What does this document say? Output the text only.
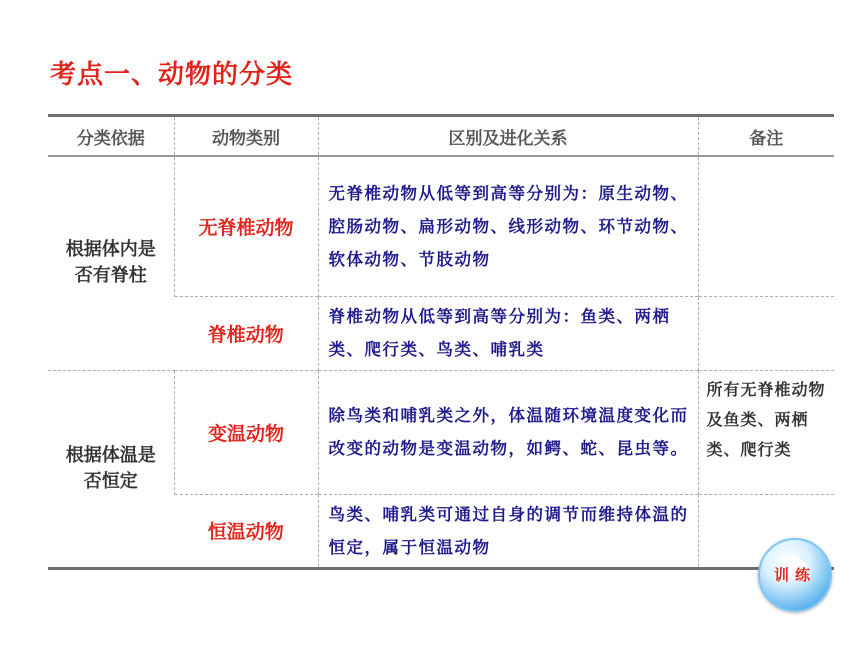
考点一、动物的分类
分类依据	动物类别	区别及进化关系	备注

根据体内是否有脊柱	无脊椎动物	无脊椎动物从低等到高等分别为：原生动物、腔肠动物、扁形动物、线形动物、环节动物、软体动物、节肢动物	
	脊椎动物	脊椎动物从低等到高等分别为：鱼类、两栖类、爬行类、鸟类、哺乳类	

根据体温是否恒定	变温动物	除鸟类和哺乳类之外，体温随环境温度变化而改变的动物是变温动物，如鳄、蛇、昆虫等。	所有无脊椎动物及鱼类、两栖类、爬行类
	恒温动物	鸟类、哺乳类可通过自身的调节而维持体温的恒定，属于恒温动物	
训练
